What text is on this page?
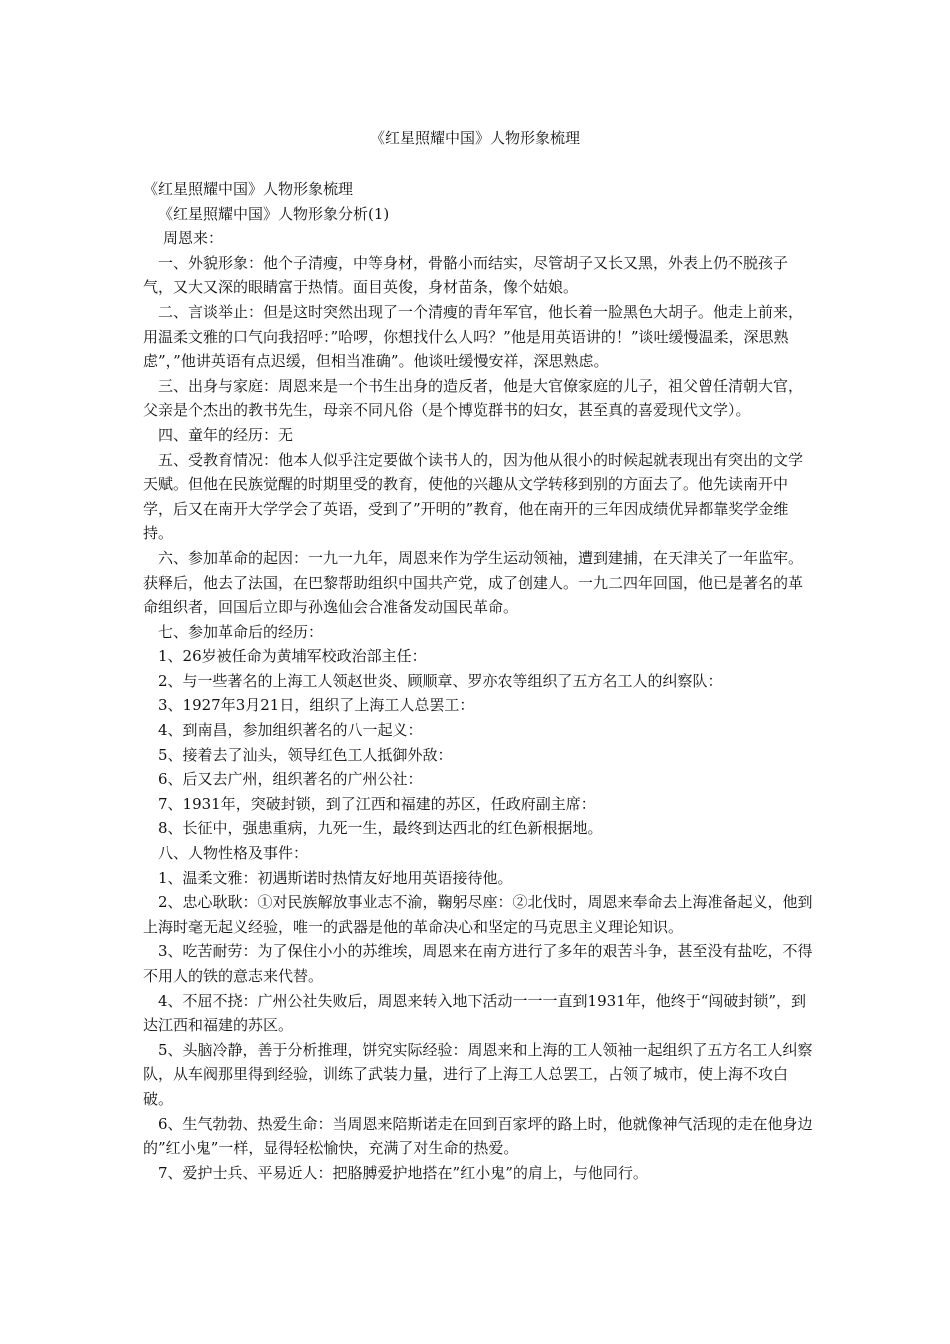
《红星照耀中国》人物形象梳理

《红星照耀中国》人物形象梳理

《红星照耀中国》人物形象分析(1)

周恩来：

一、外貌形象：他个子清瘦，中等身材，骨骼小而结实，尽管胡子又长又黑，外表上仍不脱孩子气，又大又深的眼睛富于热情。面目英俊，身材苗条，像个姑娘。

二、言谈举止：但是这时突然出现了一个清瘦的青年军官，他长着一脸黑色大胡子。他走上前来，用温柔文雅的口气向我招呼：”哈啰，你想找什么人吗？”他是用英语讲的！”谈吐缓慢温柔，深思熟虑”，”他讲英语有点迟缓，但相当准确”。他谈吐缓慢安祥，深思熟虑。

三、出身与家庭：周恩来是一个书生出身的造反者，他是大官僚家庭的儿子，祖父曾任清朝大官，父亲是个杰出的教书先生，母亲不同凡俗（是个博览群书的妇女，甚至真的喜爱现代文学）。

四、童年的经历：无

五、受教育情况：他本人似乎注定要做个读书人的，因为他从很小的时候起就表现出有突出的文学天赋。但他在民族觉醒的时期里受的教育，使他的兴趣从文学转移到别的方面去了。他先读南开中学，后又在南开大学学会了英语，受到了”开明的”教育，他在南开的三年因成绩优异都靠奖学金维持。

六、参加革命的起因：一九一九年，周恩来作为学生运动领袖，遭到建捕，在天津关了一年监牢。获释后，他去了法国，在巴黎帮助组织中国共产党，成了创建人。一九二四年回国，他已是著名的革命组织者，回国后立即与孙逸仙会合准备发动国民革命。

七、参加革命后的经历：

1、26岁被任命为黄埔军校政治部主任：

2、与一些著名的上海工人领赵世炎、顾顺章、罗亦农等组织了五方名工人的纠察队：

3、1927年3月21日，组织了上海工人总罢工：

4、到南昌，参加组织著名的八一起义：

5、接着去了汕头，领导红色工人抵御外敌：

6、后又去广州，组织著名的广州公社：

7、1931年，突破封锁，到了江西和福建的苏区，任政府副主席：

8、长征中，强患重病，九死一生，最终到达西北的红色新根据地。

八、人物性格及事件：

1、温柔文雅：初遇斯诺时热情友好地用英语接待他。

2、忠心耿耿：①对民族解放事业志不渝，鞠躬尽座：②北伐时，周恩来奉命去上海准备起义，他到上海时毫无起义经验，唯一的武器是他的革命决心和坚定的马克思主义理论知识。

3、吃苦耐劳：为了保住小小的苏维埃，周恩来在南方进行了多年的艰苦斗争，甚至没有盐吃，不得不用人的铁的意志来代替。

4、不屈不挠：广州公社失败后，周恩来转入地下活动一一一直到1931年，他终于“闯破封锁”，到达江西和福建的苏区。

5、头脑冷静，善于分析推理，饼究实际经验：周恩来和上海的工人领袖一起组织了五方名工人纠察队，从车阀那里得到经验，训练了武装力量，进行了上海工人总罢工，占领了城市，使上海不攻白破。

6、生气勃勃、热爱生命：当周恩来陪斯诺走在回到百家坪的路上时，他就像神气活现的走在他身边的”红小鬼”一样，显得轻松愉快，充满了对生命的热爱。

7、爱护士兵、平易近人：把胳膊爱护地搭在”红小鬼”的肩上，与他同行。
